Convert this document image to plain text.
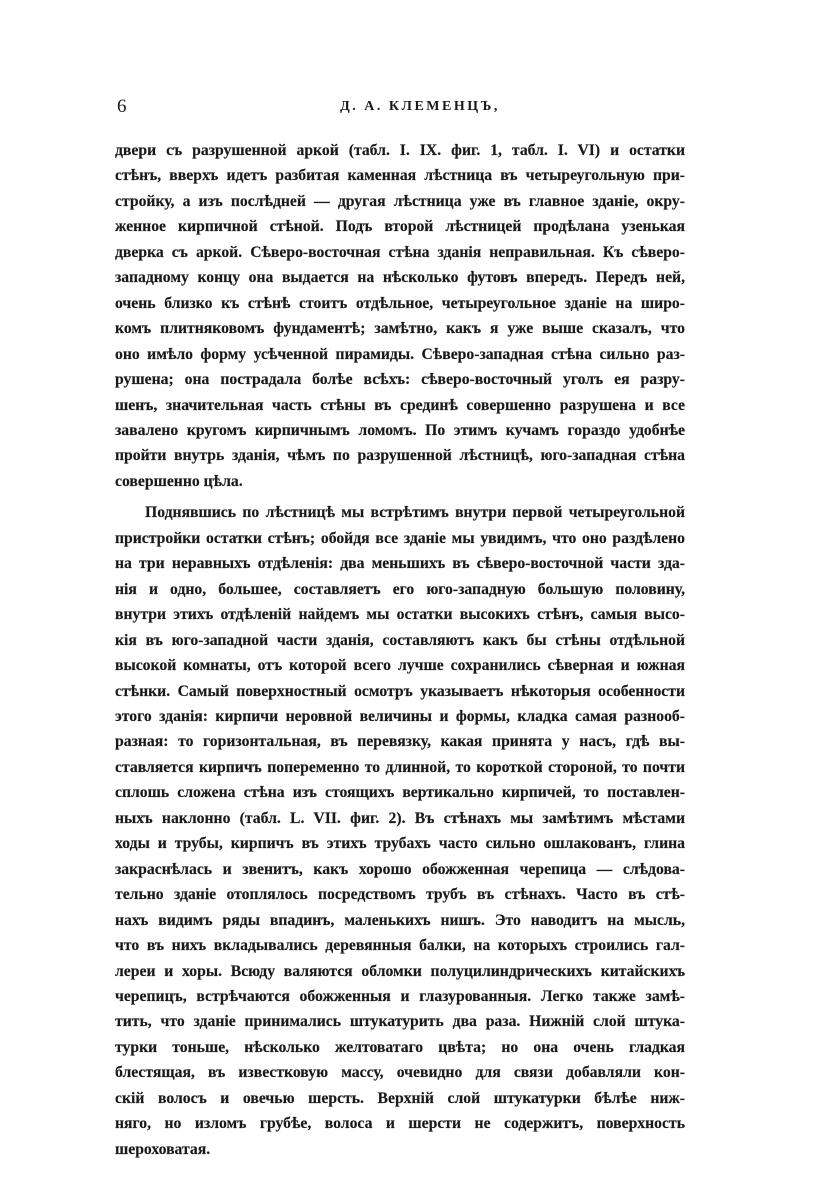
6	Д. А. КЛЕМЕНЦЪ,

двери съ разрушенной аркой (табл. I. IX. фиг. 1, табл. I. VI) и остатки
стѣнъ, вверхъ идетъ разбитая каменная лѣстница въ четыреугольную при-
стройку, а изъ послѣдней — другая лѣстница уже въ главное зданіе, окру-
женное кирпичной стѣной. Подъ второй лѣстницей продѣлана узенькая
дверка съ аркой. Сѣверо-восточная стѣна зданія неправильная. Къ сѣверо-
западному концу она выдается на нѣсколько футовъ впередъ. Передъ ней,
очень близко къ стѣнѣ стоитъ отдѣльное, четыреугольное зданіе на широ-
комъ плитняковомъ фундаментѣ; замѣтно, какъ я уже выше сказалъ, что
оно имѣло форму усѣченной пирамиды. Сѣверо-западная стѣна сильно раз-
рушена; она пострадала болѣе всѣхъ: сѣверо-восточный уголъ ея разру-
шенъ, значительная часть стѣны въ срединѣ совершенно разрушена и все
завалено кругомъ кирпичнымъ ломомъ. По этимъ кучамъ гораздо удобнѣе
пройти внутрь зданія, чѣмъ по разрушенной лѣстницѣ, юго-западная стѣна
совершенно цѣла.

Поднявшись по лѣстницѣ мы встрѣтимъ внутри первой четыреугольной
пристройки остатки стѣнъ; обойдя все зданіе мы увидимъ, что оно раздѣлено
на три неравныхъ отдѣленія: два меньшихъ въ сѣверо-восточной части зда-
нія и одно, большее, составляетъ его юго-западную большую половину,
внутри этихъ отдѣленій найдемъ мы остатки высокихъ стѣнъ, самыя высо-
кія въ юго-западной части зданія, составляютъ какъ бы стѣны отдѣльной
высокой комнаты, отъ которой всего лучше сохранились сѣверная и южная
стѣнки. Самый поверхностный осмотръ указываетъ нѣкоторыя особенности
этого зданія: кирпичи неровной величины и формы, кладка самая разнооб-
разная: то горизонтальная, въ перевязку, какая принята у насъ, гдѣ вы-
ставляется кирпичъ попеременно то длинной, то короткой стороной, то почти
сплошь сложена стѣна изъ стоящихъ вертикально кирпичей, то поставлен-
ныхъ наклонно (табл. L. VII. фиг. 2). Въ стѣнахъ мы замѣтимъ мѣстами
ходы и трубы, кирпичъ въ этихъ трубахъ часто сильно ошлакованъ, глина
закраснѣлась и звенитъ, какъ хорошо обожженная черепица — слѣдова-
тельно зданіе отоплялось посредствомъ трубъ въ стѣнахъ. Часто въ стѣ-
нахъ видимъ ряды впадинъ, маленькихъ нишъ. Это наводитъ на мысль,
что въ нихъ вкладывались деревянныя балки, на которыхъ строились гал-
лереи и хоры. Всюду валяются обломки полуцилиндрическихъ китайскихъ
черепицъ, встрѣчаются обожженныя и глазурованныя. Легко также замѣ-
тить, что зданіе принимались штукатурить два раза. Нижній слой штука-
турки тоньше, нѣсколько желтоватаго цвѣта; но она очень гладкая
блестящая, въ известковую массу, очевидно для связи добавляли кон-
скій волосъ и овечью шерсть. Верхній слой штукатурки бѣлѣе ниж-
няго, но изломъ грубѣе, волоса и шерсти не содержитъ, поверхность
шероховатая.
